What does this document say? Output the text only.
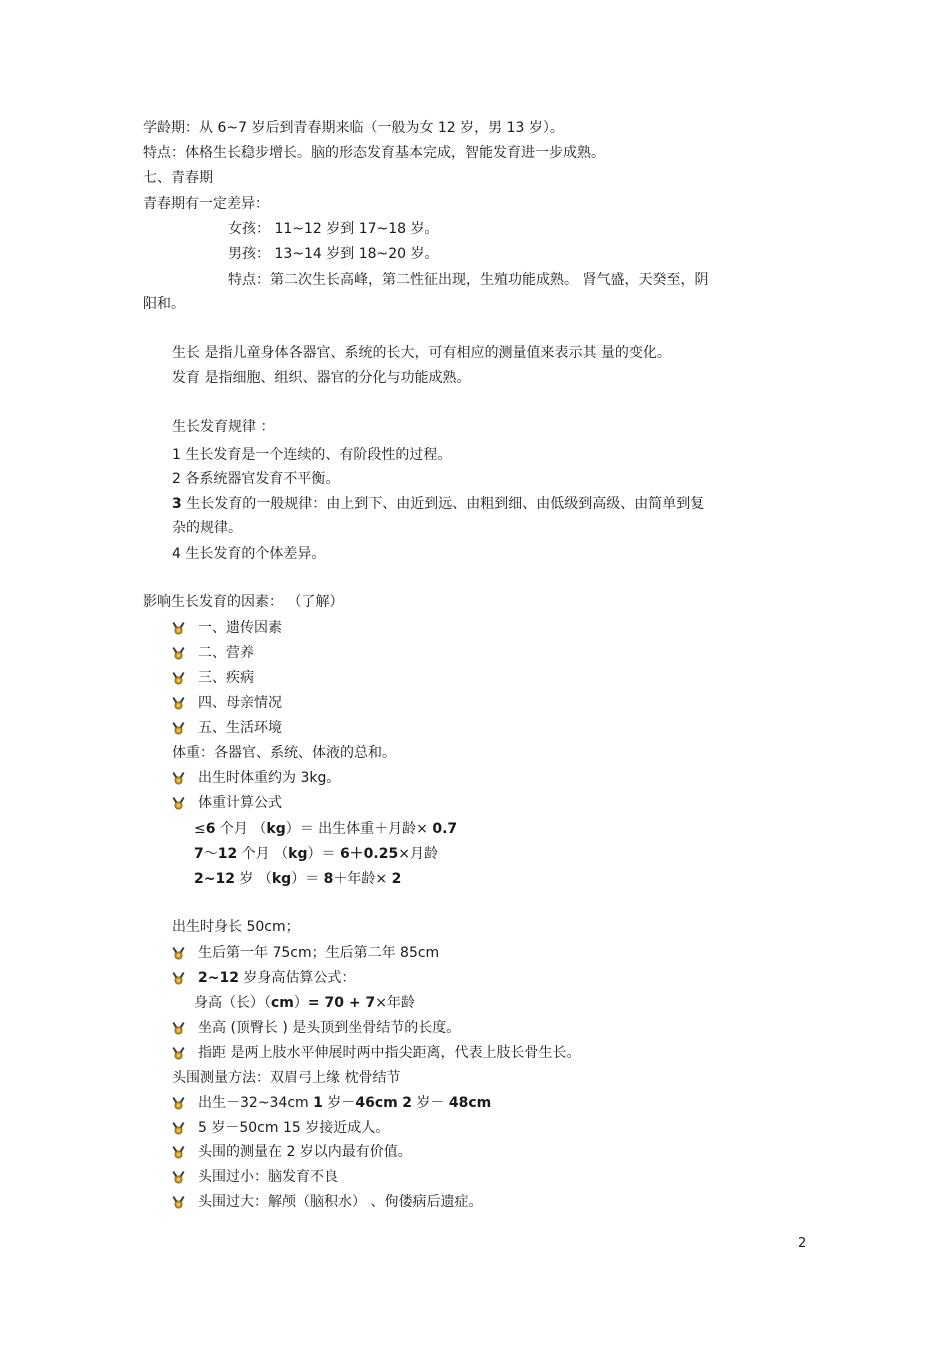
学龄期：从 6~7 岁后到青春期来临（一般为女 12 岁，男 13 岁）。
特点：体格生长稳步增长。脑的形态发育基本完成，智能发育进一步成熟。
七、青春期
青春期有一定差异：
女孩： 11~12 岁到 17~18 岁。
男孩： 13~14 岁到 18~20 岁。
特点：第二次生长高峰，第二性征出现，生殖功能成熟。 肾气盛，天癸至，阴
阳和。
生长 是指儿童身体各器官、系统的长大，可有相应的测量值来表示其 量的变化。
发育 是指细胞、组织、器官的分化与功能成熟。
生长发育规律 ：
1 生长发育是一个连续的、有阶段性的过程。
2 各系统器官发育不平衡。
3 生长发育的一般规律：由上到下、由近到远、由粗到细、由低级到高级、由简单到复
杂的规律。
4 生长发育的个体差异。
影响生长发育的因素： （了解）
一、遗传因素
二、营养
三、疾病
四、母亲情况
五、生活环境
体重：各器官、系统、体液的总和。
出生时体重约为 3kg。
体重计算公式
≤6 个月 （kg）＝ 出生体重＋月龄× 0.7
7～12 个月 （kg）＝ 6＋0.25×月龄
2~12 岁 （kg）＝ 8＋年龄× 2
出生时身长 50cm；
生后第一年 75cm；生后第二年 85cm
2~12 岁身高估算公式：
身高（长）（cm）= 70 + 7×年龄
坐高 (顶臀长 ) 是头顶到坐骨结节的长度。
指距 是两上肢水平伸展时两中指尖距离，代表上肢长骨生长。
头围测量方法：双眉弓上缘 枕骨结节
出生－32~34cm 1 岁－46cm 2 岁－ 48cm
5 岁－50cm 15 岁接近成人。
头围的测量在 2 岁以内最有价值。
头围过小：脑发育不良
头围过大：解颅（脑积水） 、佝偻病后遗症。
2
